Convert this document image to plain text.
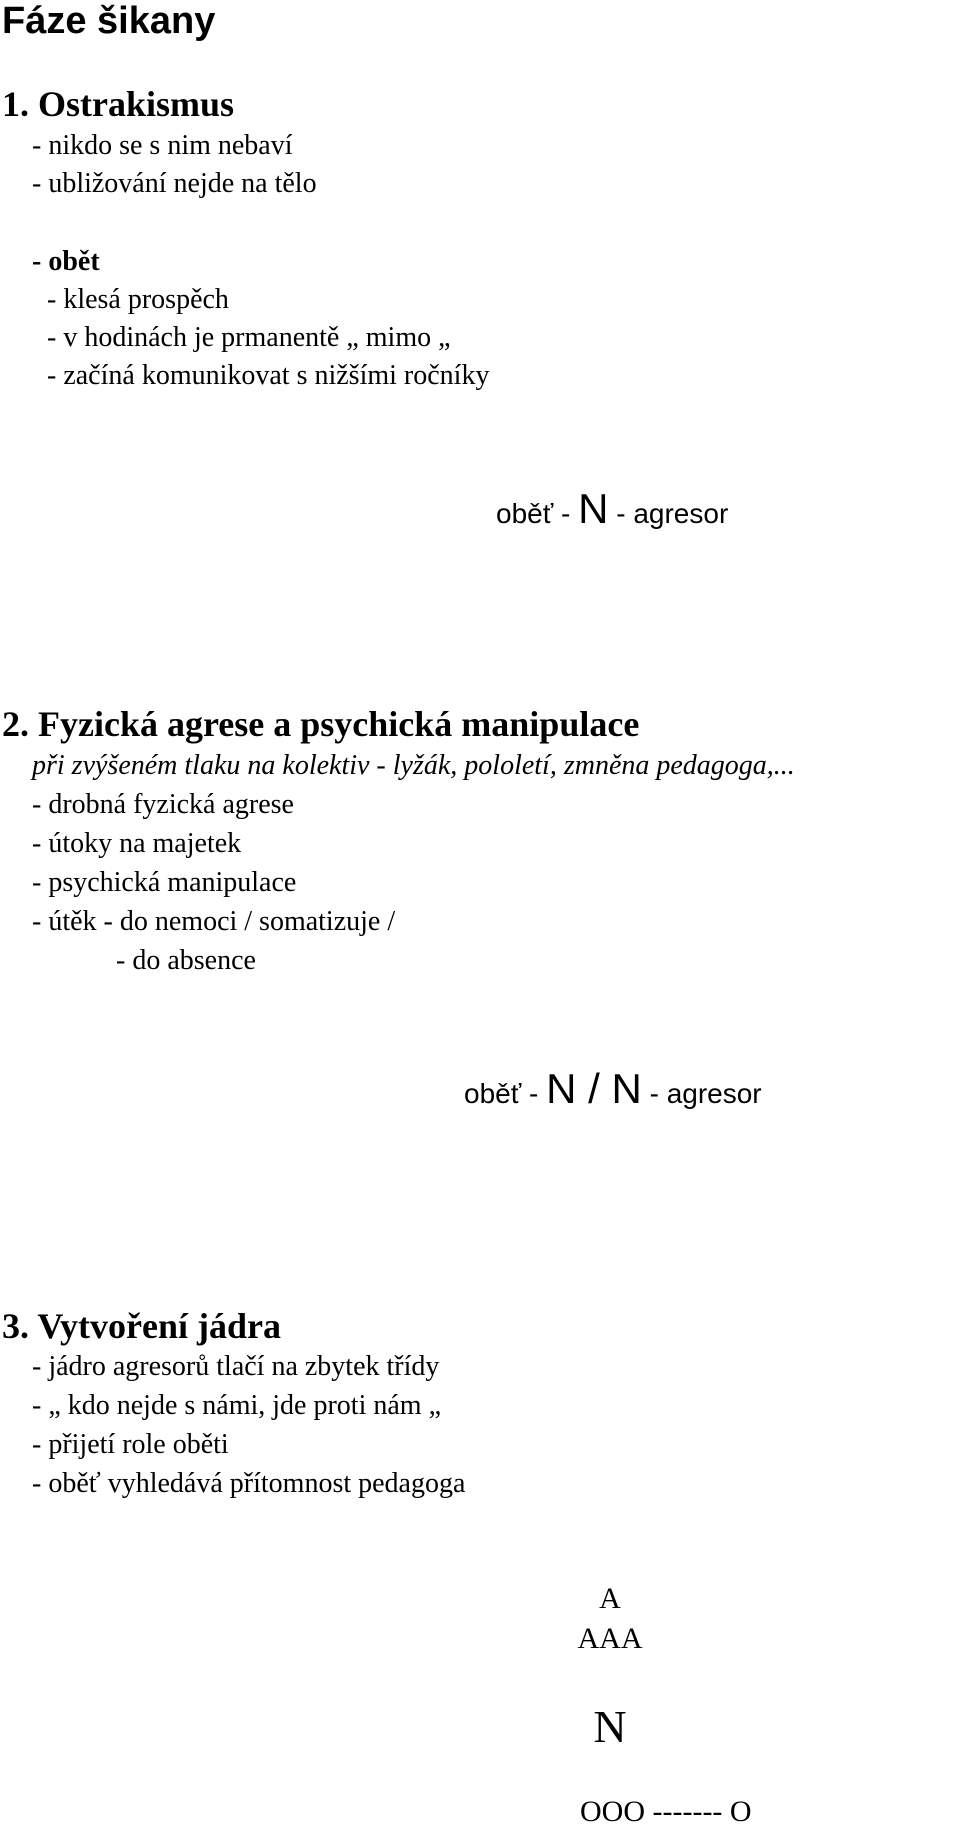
Fáze šikany
1. Ostrakismus
- nikdo se s nim nebaví
- ubližování nejde na tělo
- obět
- klesá prospěch
- v hodinách je prmanentě „ mimo „
- začíná komunikovat s nižšími ročníky
oběť - N - agresor
2. Fyzická agrese a psychická manipulace
při zvýšeném tlaku na kolektiv - lyžák, pololetí, zmněna pedagoga,...
- drobná fyzická agrese
- útoky na majetek
- psychická manipulace
- útěk - do nemoci / somatizuje /
- do absence
oběť - N / N - agresor
3. Vytvoření jádra
- jádro agresorů tlačí na zbytek třídy
- „ kdo nejde s námi, jde proti nám „
- přijetí role oběti
- oběť vyhledává přítomnost pedagoga
A
AAA
N
OOO ------- O
